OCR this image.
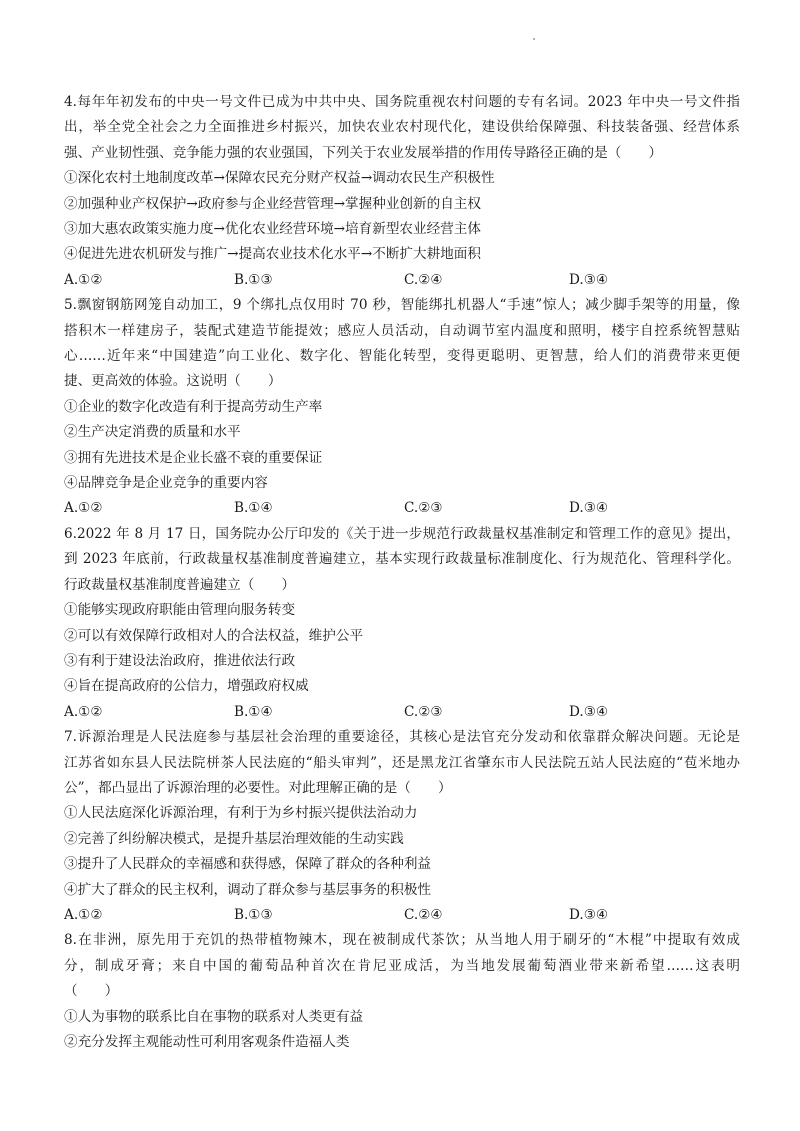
4.每年年初发布的中央一号文件已成为中共中央、国务院重视农村问题的专有名词。2023 年中央一号文件指
出，举全党全社会之力全面推进乡村振兴，加快农业农村现代化，建设供给保障强、科技装备强、经营体系
强、产业韧性强、竞争能力强的农业强国，下列关于农业发展举措的作用传导路径正确的是（　　）
①深化农村土地制度改革→保障农民充分财产权益→调动农民生产积极性
②加强种业产权保护→政府参与企业经营管理→掌握种业创新的自主权
③加大惠农政策实施力度→优化农业经营环境→培育新型农业经营主体
④促进先进农机研发与推广→提高农业技术化水平→不断扩大耕地面积
A.①②	B.①③	C.②④	D.③④
5.飘窗钢筋网笼自动加工，9 个绑扎点仅用时 70 秒，智能绑扎机器人“手速”惊人；减少脚手架等的用量，像
搭积木一样建房子，装配式建造节能提效；感应人员活动，自动调节室内温度和照明，楼宇自控系统智慧贴
心……近年来“中国建造”向工业化、数字化、智能化转型，变得更聪明、更智慧，给人们的消费带来更便
捷、更高效的体验。这说明（　　）
①企业的数字化改造有利于提高劳动生产率
②生产决定消费的质量和水平
③拥有先进技术是企业长盛不衰的重要保证
④品牌竞争是企业竞争的重要内容
A.①②	B.①④	C.②③	D.③④
6.2022 年 8 月 17 日，国务院办公厅印发的《关于进一步规范行政裁量权基准制定和管理工作的意见》提出，
到 2023 年底前，行政裁量权基准制度普遍建立，基本实现行政裁量标准制度化、行为规范化、管理科学化。
行政裁量权基准制度普遍建立（　　）
①能够实现政府职能由管理向服务转变
②可以有效保障行政相对人的合法权益，维护公平
③有利于建设法治政府，推进依法行政
④旨在提高政府的公信力，增强政府权威
A.①②	B.①④	C.②③	D.③④
7.诉源治理是人民法庭参与基层社会治理的重要途径，其核心是法官充分发动和依靠群众解决问题。无论是
江苏省如东县人民法院栟茶人民法庭的“船头审判”，还是黑龙江省肇东市人民法院五站人民法庭的“苞米地办
公”，都凸显出了诉源治理的必要性。对此理解正确的是（　　）
①人民法庭深化诉源治理，有利于为乡村振兴提供法治动力
②完善了纠纷解决模式，是提升基层治理效能的生动实践
③提升了人民群众的幸福感和获得感，保障了群众的各种利益
④扩大了群众的民主权利，调动了群众参与基层事务的积极性
A.①②	B.①③	C.②④	D.③④
8.在非洲，原先用于充饥的热带植物辣木，现在被制成代茶饮；从当地人用于刷牙的“木棍”中提取有效成
分，制成牙膏；来自中国的葡萄品种首次在肯尼亚成活，为当地发展葡萄酒业带来新希望……这表明
（　　）
①人为事物的联系比自在事物的联系对人类更有益
②充分发挥主观能动性可利用客观条件造福人类
